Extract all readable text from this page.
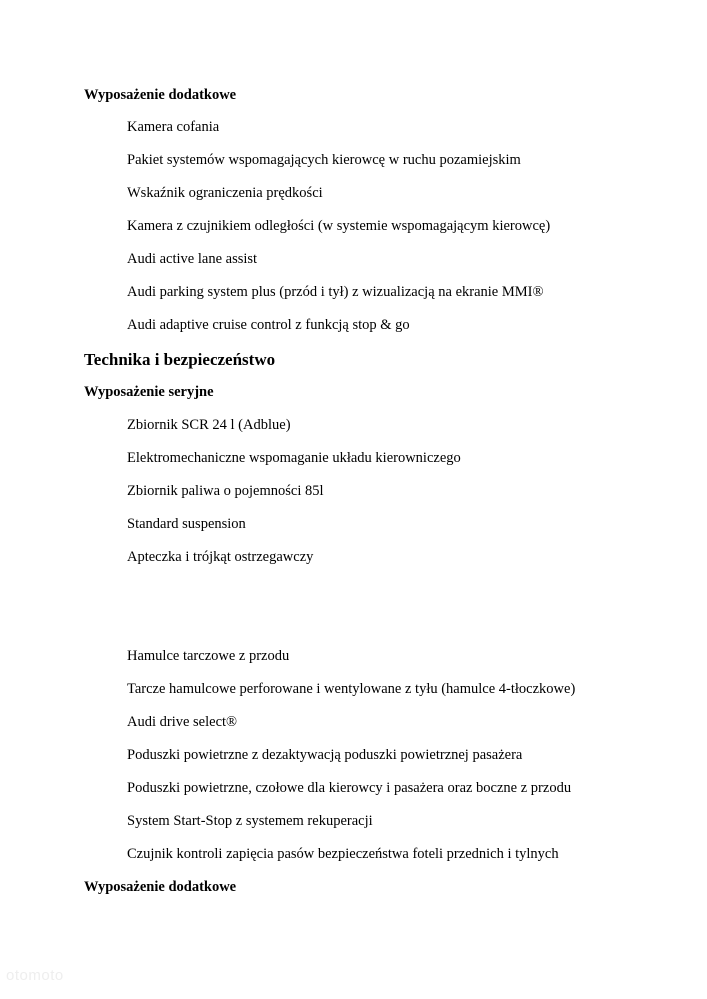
Wyposażenie dodatkowe
Kamera cofania
Pakiet systemów wspomagających kierowcę w ruchu pozamiejskim
Wskaźnik ograniczenia prędkości
Kamera z czujnikiem odległości (w systemie wspomagającym kierowcę)
Audi active lane assist
Audi parking system plus (przód i tył) z wizualizacją na ekranie MMI®
Audi adaptive cruise control z funkcją stop & go
Technika i bezpieczeństwo
Wyposażenie seryjne
Zbiornik SCR 24 l (Adblue)
Elektromechaniczne wspomaganie układu kierowniczego
Zbiornik paliwa o pojemności 85l
Standard suspension
Apteczka i trójkąt ostrzegawczy
Hamulce tarczowe z przodu
Tarcze hamulcowe perforowane i wentylowane z tyłu (hamulce 4-tłoczkowe)
Audi drive select®
Poduszki powietrzne z dezaktywacją poduszki powietrznej pasażera
Poduszki powietrzne, czołowe dla kierowcy i pasażera oraz boczne z przodu
System Start-Stop z systemem rekuperacji
Czujnik kontroli zapięcia pasów bezpieczeństwa foteli przednich i tylnych
Wyposażenie dodatkowe
otomoto
